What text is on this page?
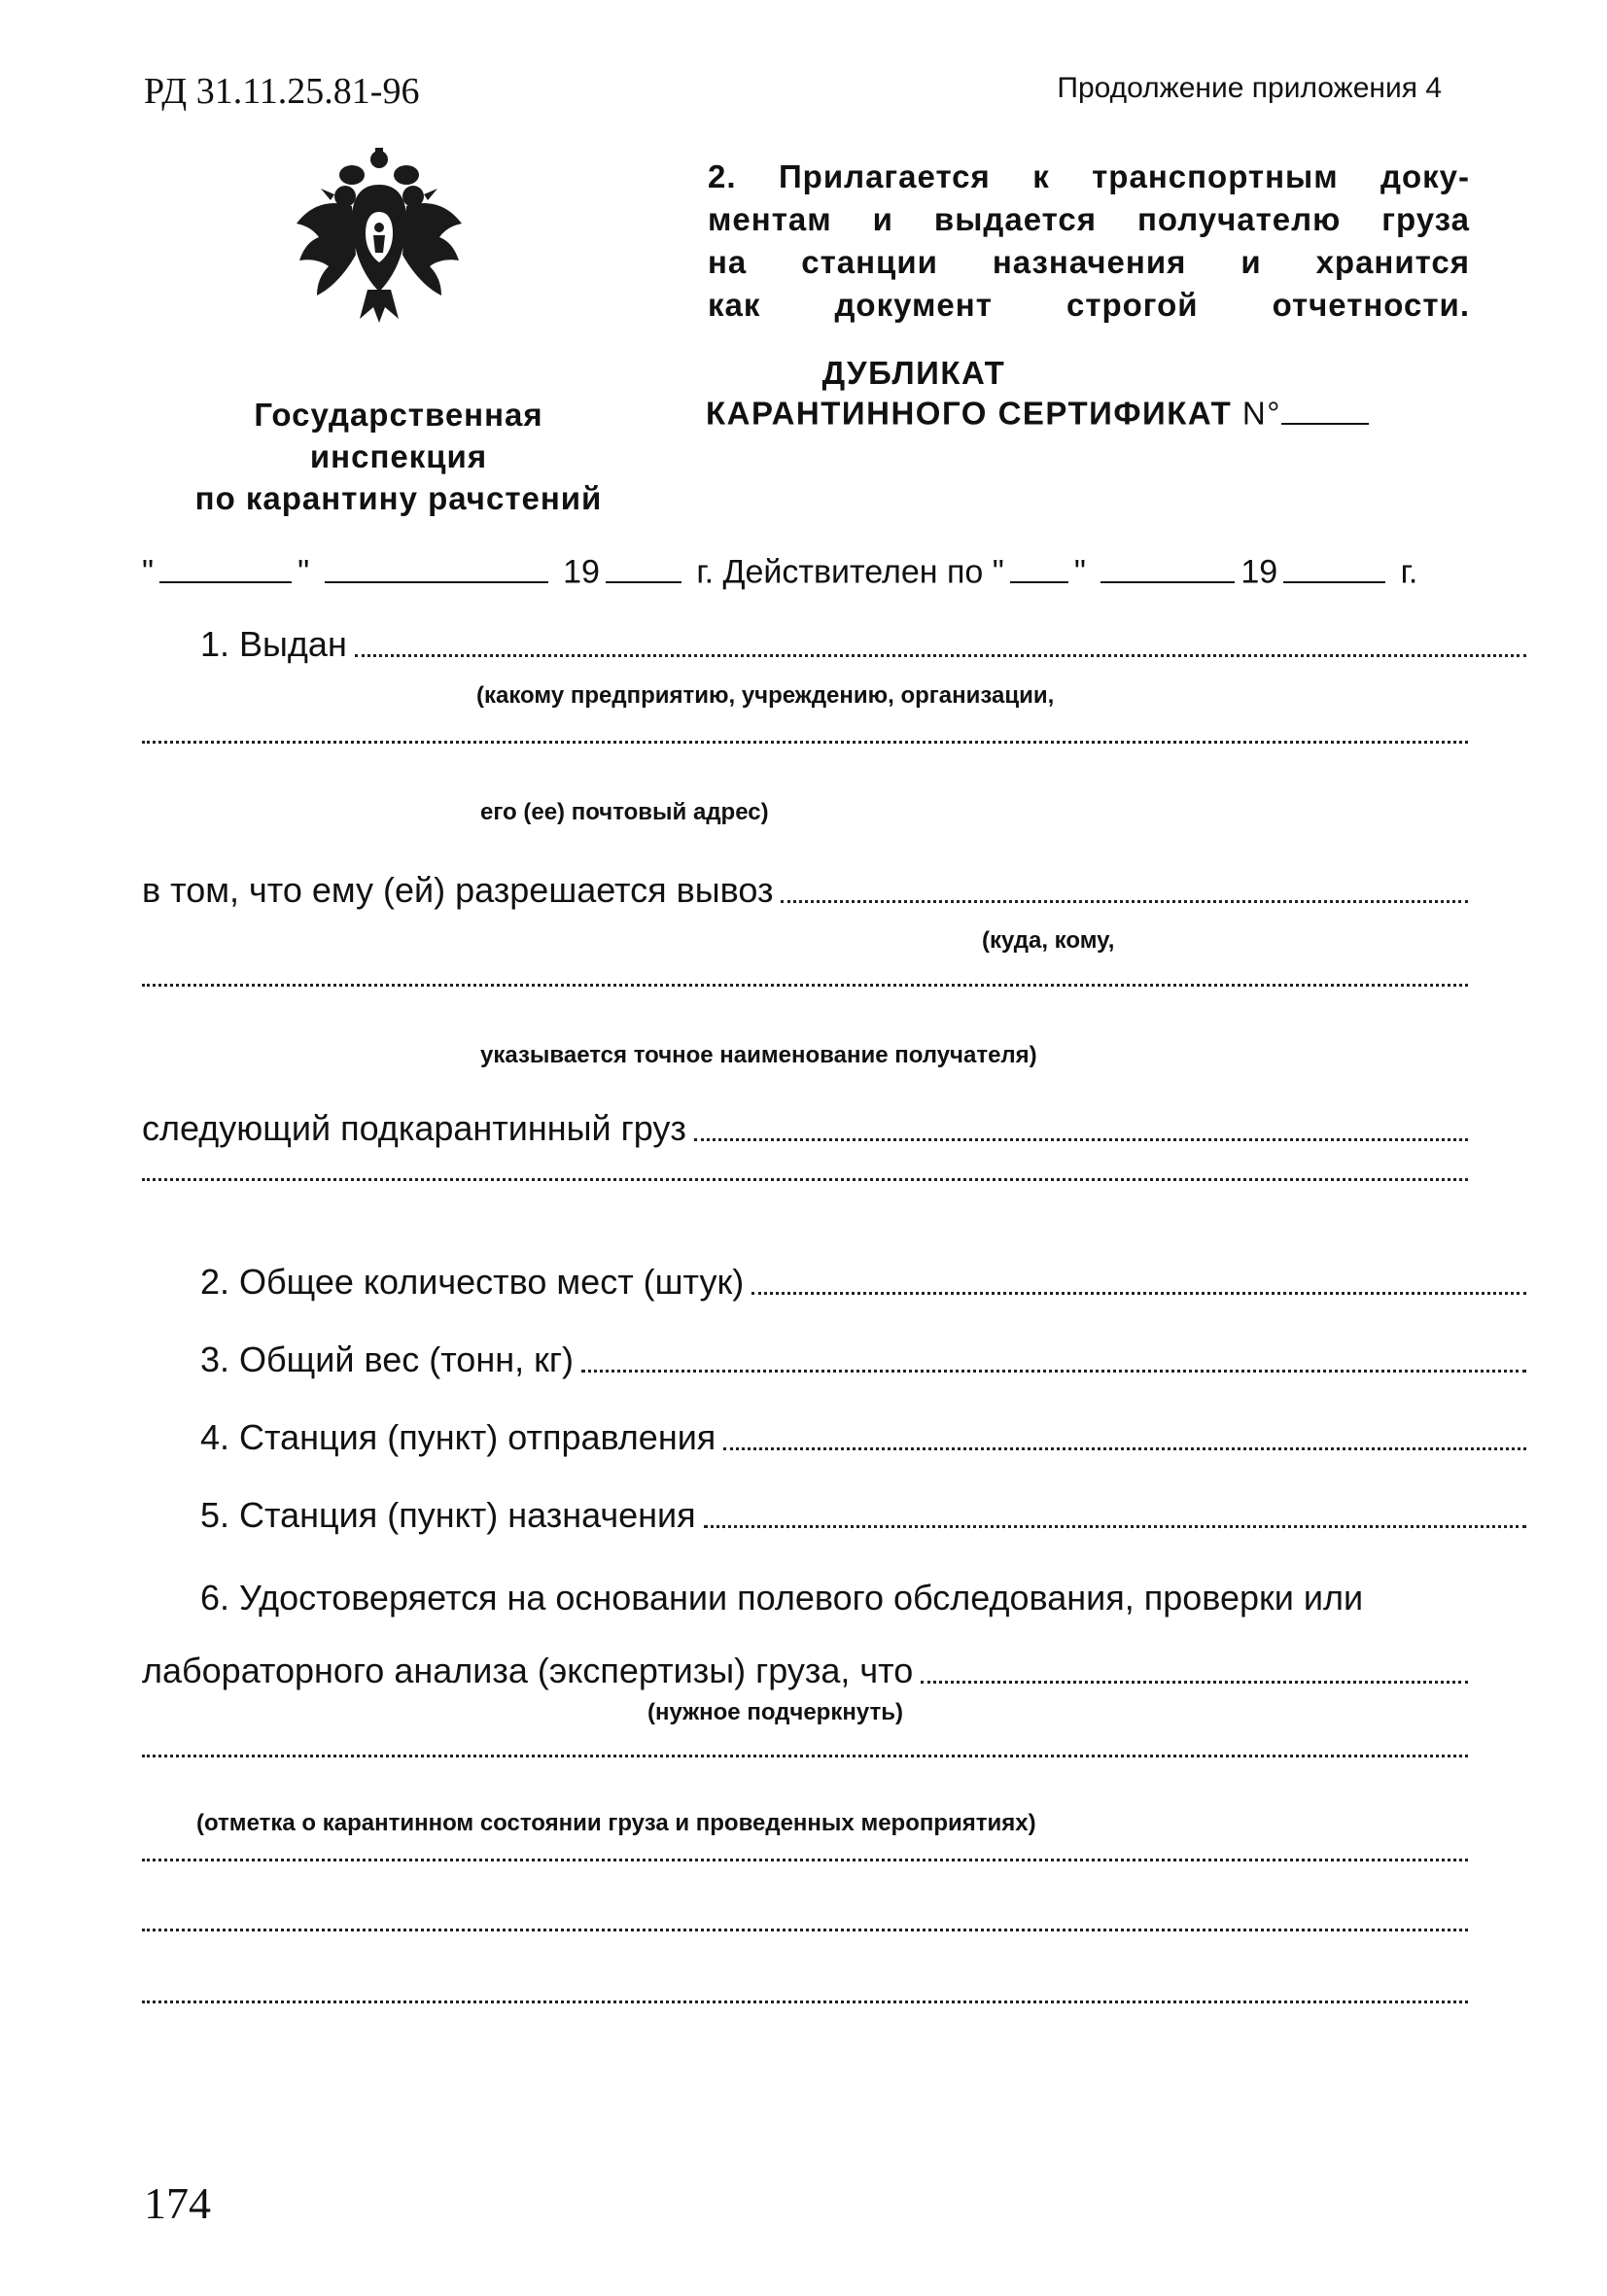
РД 31.11.25.81-96	Продолжение приложения 4
2. Прилагается к транспортным доку-
ментам и выдается получателю груза
на станции назначения и хранится
как документ строгой отчетности.
Государственная
инспекция
по карантину рачстений
ДУБЛИКАТ
КАРАНТИННОГО СЕРТИФИКАТ N°
"	"	19	г. Действителен по " "	19	г.
1. Выдан
(какому предприятию, учреждению, организации,
его (ее) почтовый адрес)
в том, что ему (ей) разрешается вывоз
(куда, кому,
указывается точное наименование получателя)
следующий подкарантинный груз
2. Общее количество мест (штук)
3. Общий вес (тонн, кг)
4. Станция (пункт) отправления
5. Станция (пункт) назначения
6. Удостоверяется на основании полевого обследования, проверки или
лабораторного анализа (экспертизы) груза, что
(нужное подчеркнуть)
(отметка о карантинном состоянии груза и проведенных мероприятиях)
174
